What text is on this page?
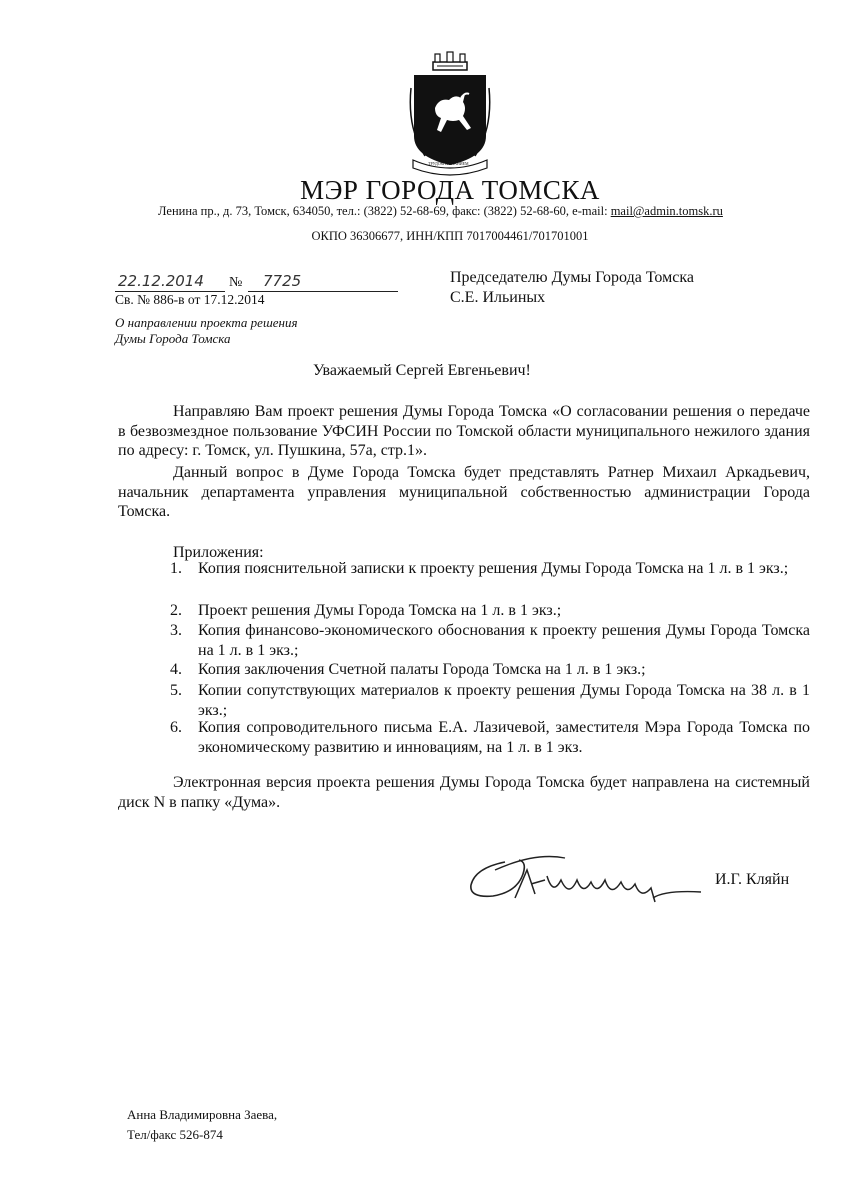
ТРУДОМ И ЗНАНИЕМ
МЭР ГОРОДА ТОМСКА
Ленина пр., д. 73, Томск, 634050, тел.: (3822) 52-68-69, факс: (3822) 52-68-60, e-mail: mail@admin.tomsk.ru
ОКПО 36306677, ИНН/КПП 7017004461/701701001
22.12.2014 № 7725
Св. № 886-в от 17.12.2014
О направлении проекта решения
Думы Города Томска
Председателю Думы Города Томска
С.Е. Ильиных
Уважаемый Сергей Евгеньевич!
Направляю Вам проект решения Думы Города Томска «О согласовании решения о передаче в безвозмездное пользование УФСИН России по Томской области муниципального нежилого здания по адресу: г. Томск, ул. Пушкина, 57а, стр.1».
Данный вопрос в Думе Города Томска будет представлять Ратнер Михаил Аркадьевич, начальник департамента управления муниципальной собственностью администрации Города Томска.
Приложения:
1. Копия пояснительной записки к проекту решения Думы Города Томска на 1 л. в 1 экз.;
2. Проект решения Думы Города Томска на 1 л. в 1 экз.;
3. Копия финансово-экономического обоснования к проекту решения Думы Города Томска на 1 л. в 1 экз.;
4. Копия заключения Счетной палаты Города Томска на 1 л. в 1 экз.;
5. Копии сопутствующих материалов к проекту решения Думы Города Томска на 38 л. в 1 экз.;
6. Копия сопроводительного письма Е.А. Лазичевой, заместителя Мэра Города Томска по экономическому развитию и инновациям, на 1 л. в 1 экз.
Электронная версия проекта решения Думы Города Томска будет направлена на системный диск N в папку «Дума».
И.Г. Кляйн
Анна Владимировна Заева,
Тел/факс 526-874
